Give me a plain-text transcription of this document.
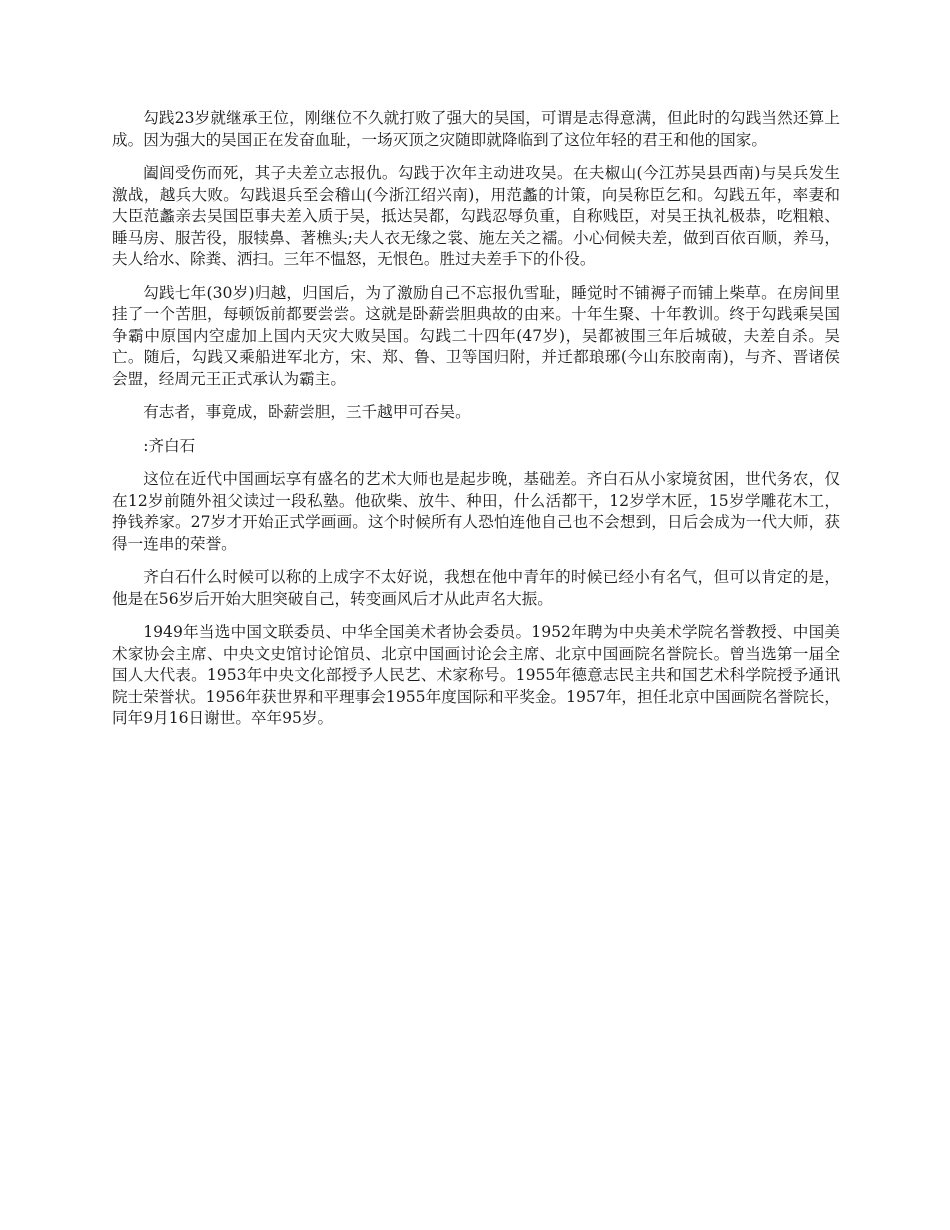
勾践23岁就继承王位，刚继位不久就打败了强大的吴国，可谓是志得意满，但此时的勾践当然还算上成。因为强大的吴国正在发奋血耻，一场灭顶之灾随即就降临到了这位年轻的君王和他的国家。

阖闾受伤而死，其子夫差立志报仇。勾践于次年主动进攻吴。在夫椒山(今江苏吴县西南)与吴兵发生激战，越兵大败。勾践退兵至会稽山(今浙江绍兴南)，用范蠡的计策，向吴称臣乞和。勾践五年，率妻和大臣范蠡亲去吴国臣事夫差入质于吴，抵达吴都，勾践忍辱负重，自称贱臣，对吴王执礼极恭，吃粗粮、睡马房、服苦役，服犊鼻、著樵头;夫人衣无缘之裳、施左关之襦。小心伺候夫差，做到百依百顺，养马，夫人给水、除粪、洒扫。三年不愠怒，无恨色。胜过夫差手下的仆役。

勾践七年(30岁)归越，归国后，为了激励自己不忘报仇雪耻，睡觉时不铺褥子而铺上柴草。在房间里挂了一个苦胆，每顿饭前都要尝尝。这就是卧薪尝胆典故的由来。十年生聚、十年教训。终于勾践乘吴国争霸中原国内空虚加上国内天灾大败吴国。勾践二十四年(47岁)，吴都被围三年后城破，夫差自杀。吴亡。随后，勾践又乘船进军北方，宋、郑、鲁、卫等国归附，并迁都琅琊(今山东胶南南)，与齐、晋诸侯会盟，经周元王正式承认为霸主。

有志者，事竟成，卧薪尝胆，三千越甲可吞吴。

:齐白石

这位在近代中国画坛享有盛名的艺术大师也是起步晚，基础差。齐白石从小家境贫困，世代务农，仅在12岁前随外祖父读过一段私塾。他砍柴、放牛、种田，什么活都干，12岁学木匠，15岁学雕花木工，挣钱养家。27岁才开始正式学画画。这个时候所有人恐怕连他自己也不会想到，日后会成为一代大师，获得一连串的荣誉。

齐白石什么时候可以称的上成字不太好说，我想在他中青年的时候已经小有名气，但可以肯定的是，他是在56岁后开始大胆突破自己，转变画风后才从此声名大振。

1949年当选中国文联委员、中华全国美术者协会委员。1952年聘为中央美术学院名誉教授、中国美术家协会主席、中央文史馆讨论馆员、北京中国画讨论会主席、北京中国画院名誉院长。曾当选第一届全国人大代表。1953年中央文化部授予人民艺、术家称号。1955年德意志民主共和国艺术科学院授予通讯院士荣誉状。1956年获世界和平理事会1955年度国际和平奖金。1957年，担任北京中国画院名誉院长，同年9月16日谢世。卒年95岁。
